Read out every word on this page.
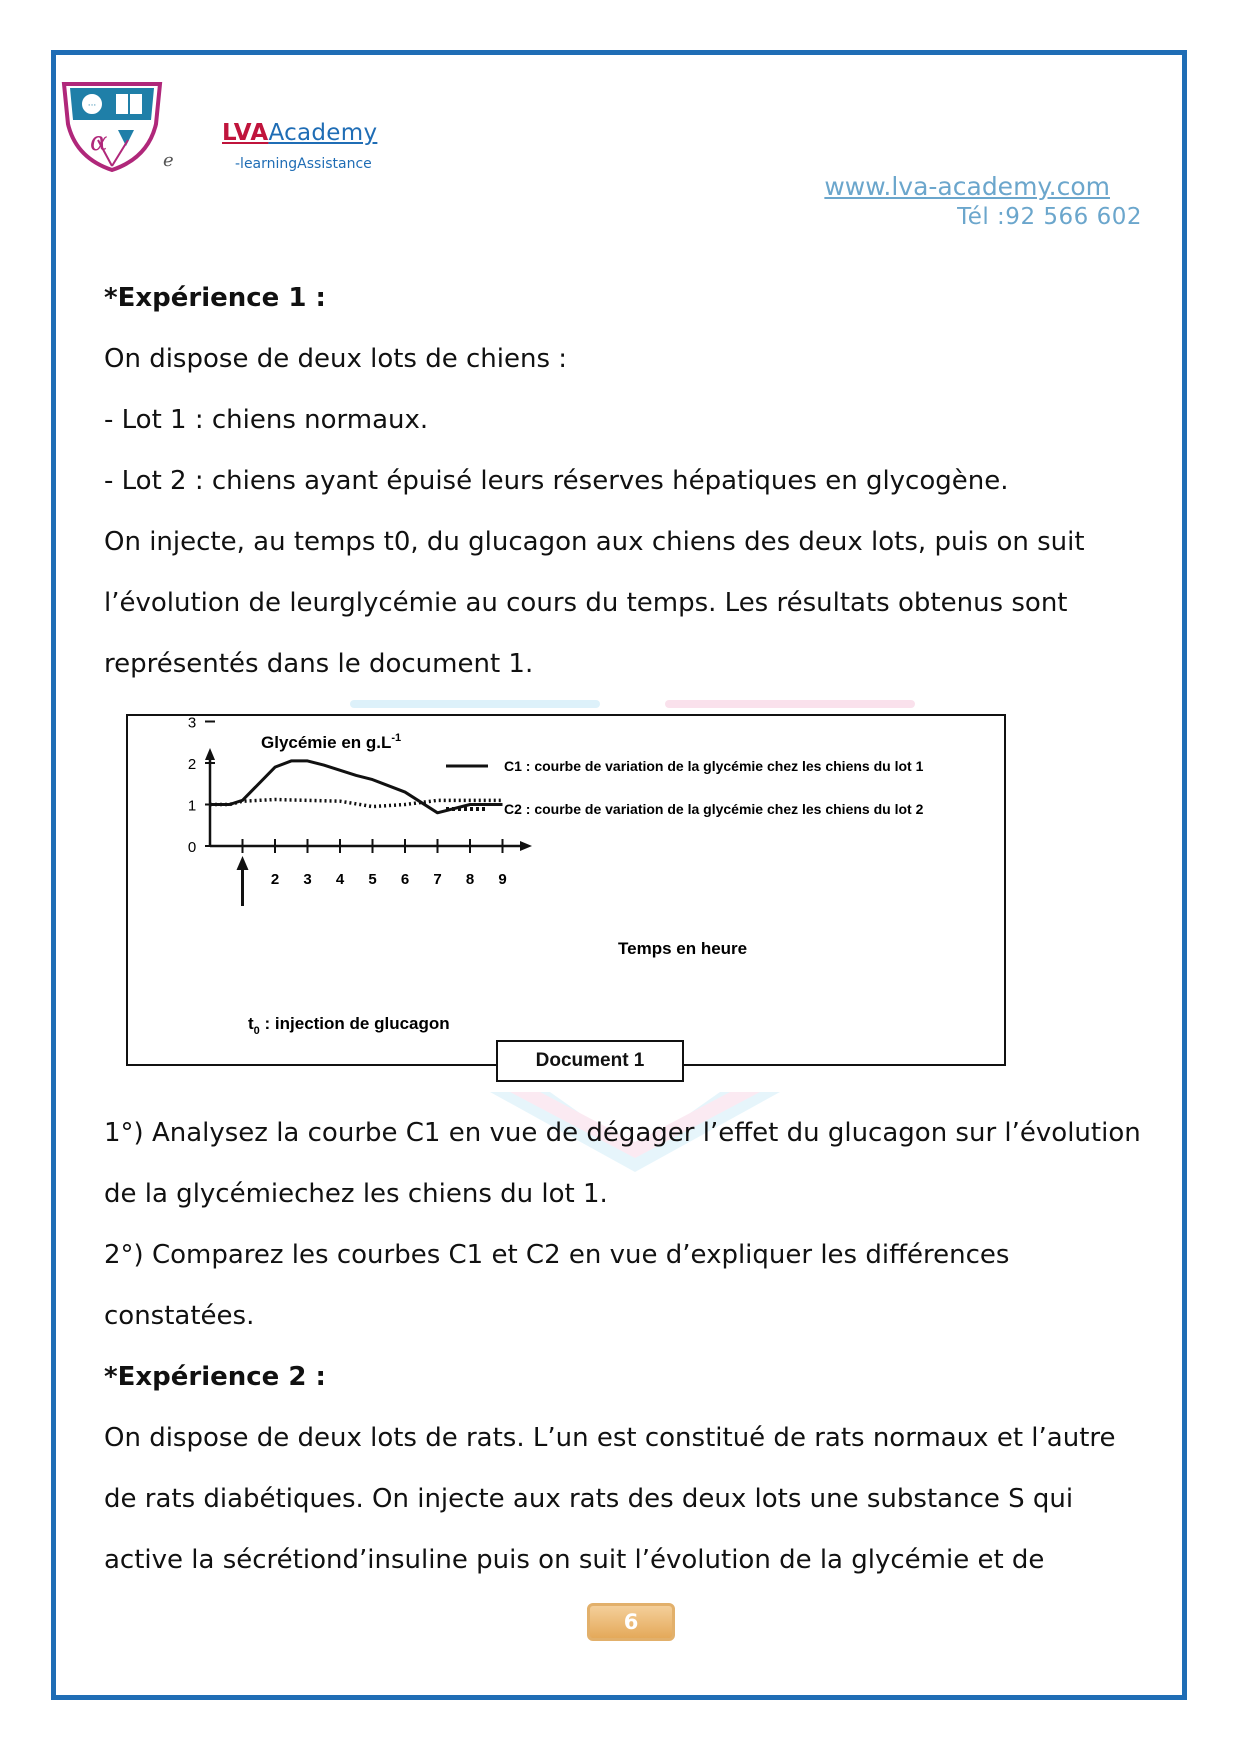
···
α
e
LVAAcademy
-learningAssistance
www.lva-academy.com
Tél :92 566 602
*Expérience 1 :
On dispose de deux lots de chiens :
- Lot 1 : chiens normaux.
- Lot 2 : chiens ayant épuisé leurs réserves hépatiques en glycogène.
On injecte, au temps t0, du glucagon aux chiens des deux lots, puis on suit
l’évolution de leurglycémie au cours du temps. Les résultats obtenus sont
représentés dans le document 1.
0
1
2
3
2 3 4 5 6 7 8 9
Glycémie en $g.L^{-1}$
Temps en heure
$t_0$ : injection de glucagon
C1 : courbe de variation de la glycémie chez les chiens du lot 1
C2 : courbe de variation de la glycémie chez les chiens du lot 2
Document 1
1°) Analysez la courbe C1 en vue de dégager l’effet du glucagon sur l’évolution
de la glycémiechez les chiens du lot 1.
2°) Comparez les courbes C1 et C2 en vue d’expliquer les différences
constatées.
*Expérience 2 :
On dispose de deux lots de rats. L’un est constitué de rats normaux et l’autre
de rats diabétiques. On injecte aux rats des deux lots une substance S qui
active la sécrétiond’insuline puis on suit l’évolution de la glycémie et de
6
